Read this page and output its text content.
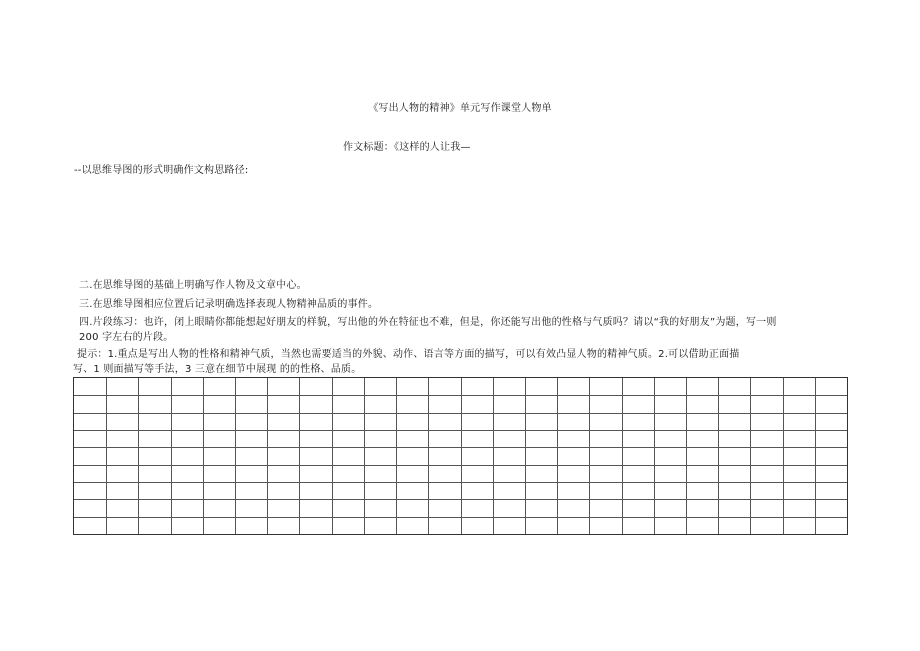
《写出人物的精神》单元写作课堂人物单
作文标题：《这样的人让我—
--以思维导图的形式明确作文构思路径:
二.在思维导图的基础上明确写作人物及文章中心。
三.在思维导图相应位置后记录明确选择表现人物精神品质的事件。
四.片段练习：也许，闭上眼睛你都能想起好朋友的样貌，写出他的外在特征也不难，但是，你还能写出他的性格与气质吗？请以“我的好朋友”为题，写一则
200 字左右的片段。
提示：1.重点是写出人物的性格和精神气质，当然也需要适当的外貌、动作、语言等方面的描写，可以有效凸显人物的精神气质。2.可以借助正面描
写、1 则面描写等手法，3 三意在细节中展现 的的性格、品质。
